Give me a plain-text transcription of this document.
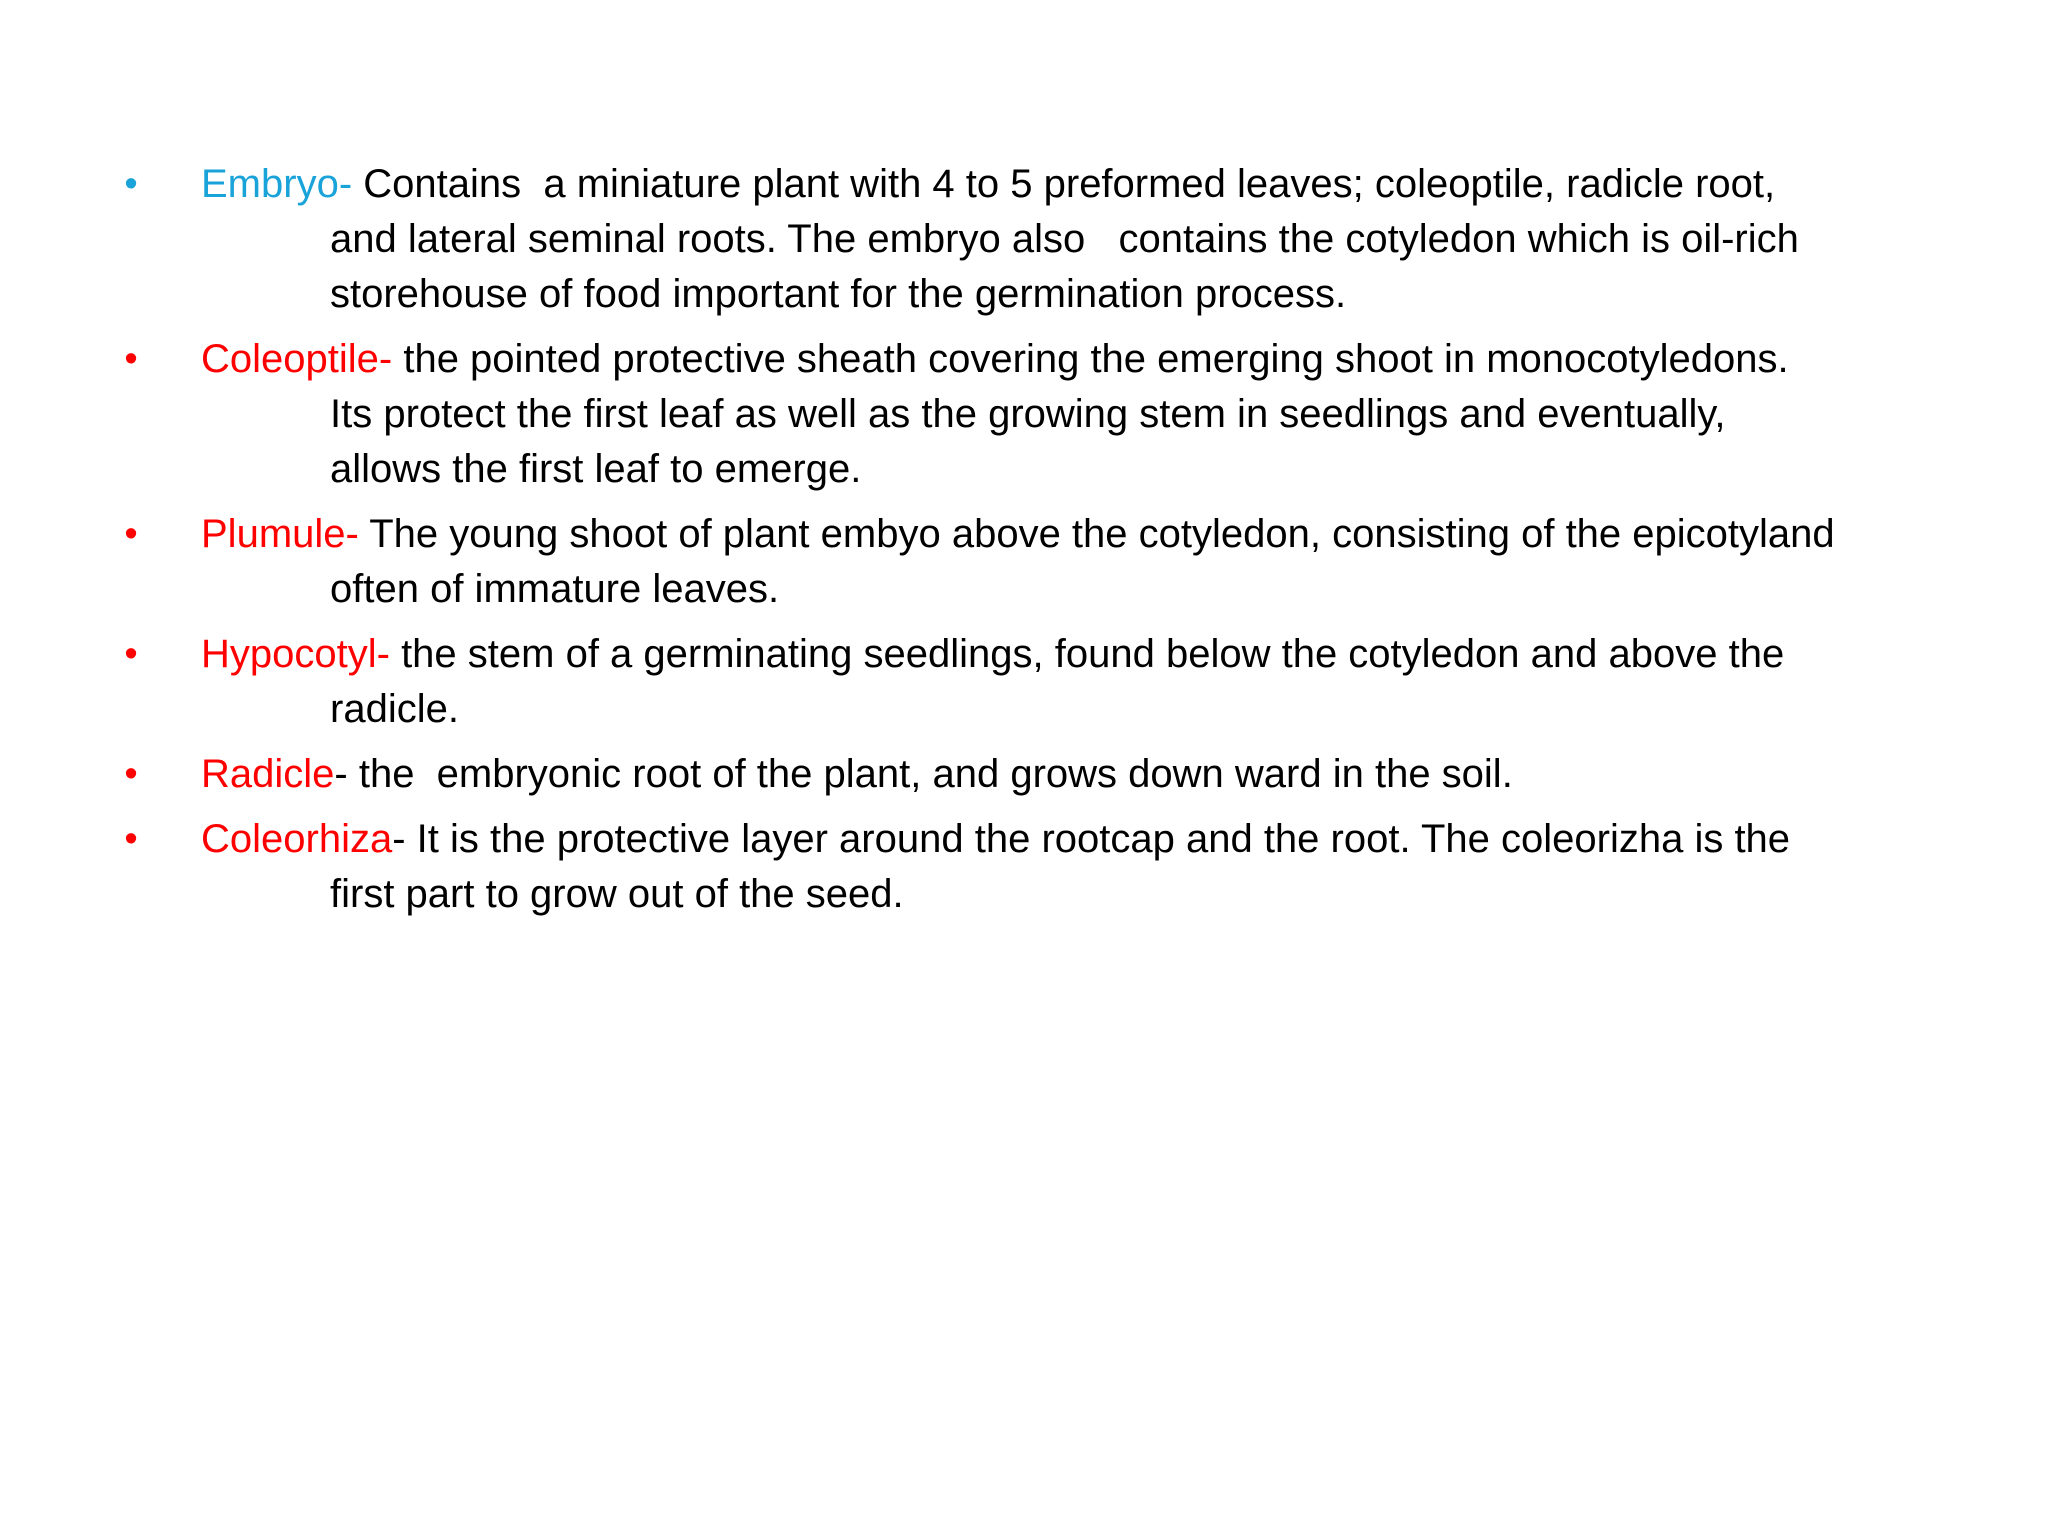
•	Embryo- Contains  a miniature plant with 4 to 5 preformed leaves; coleoptile, radicle root,
and lateral seminal roots. The embryo also   contains the cotyledon which is oil-rich
storehouse of food important for the germination process.
•	Coleoptile- the pointed protective sheath covering the emerging shoot in monocotyledons.
Its protect the first leaf as well as the growing stem in seedlings and eventually,
allows the first leaf to emerge.
•	Plumule- The young shoot of plant embyo above the cotyledon, consisting of the epicotyland
often of immature leaves.
•	Hypocotyl- the stem of a germinating seedlings, found below the cotyledon and above the
radicle.
•	Radicle- the  embryonic root of the plant, and grows down ward in the soil.
•	Coleorhiza- It is the protective layer around the rootcap and the root. The coleorizha is the
first part to grow out of the seed.
